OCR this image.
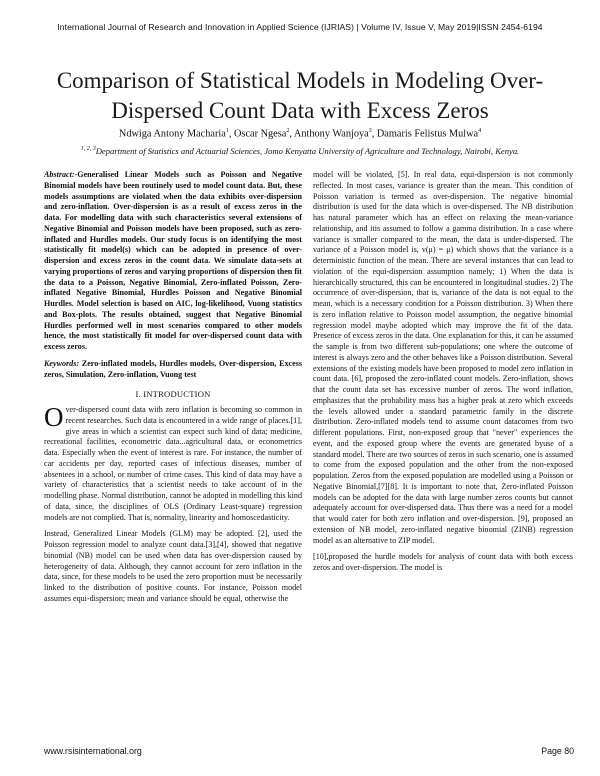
International Journal of Research and Innovation in Applied Science (IJRIAS) | Volume IV, Issue V, May 2019|ISSN 2454-6194
Comparison of Statistical Models in Modeling Over-
Dispersed Count Data with Excess Zeros
Ndwiga Antony Macharia$^1$, Oscar Ngesa$^2$, Anthony Wanjoya$^3$, Damaris Felistus Mulwa$^4$
$^{1, 2, 3}$Department of Statistics and Actuarial Sciences, Jomo Kenyatta University of Agriculture and Technology, Nairobi, Kenya.

Abstract:-Generalised Linear Models such as Poisson and Negative Binomial models have been routinely used to model count data. But, these models assumptions are violated when the data exhibits over-dispersion and zero-inflation. Over-dispersion is as a result of excess zeros in the data. For modelling data with such characteristics several extensions of Negative Binomial and Poisson models have been proposed, such as zero-inflated and Hurdles models. Our study focus is on identifying the most statistically fit model(s) which can be adopted in presence of over-dispersion and excess zeros in the count data. We simulate data-sets at varying proportions of zeros and varying proportions of dispersion then fit the data to a Poisson, Negative Binomial, Zero-inflated Poisson, Zero-inflated Negative Binomial, Hurdles Poisson and Negative Binomial Hurdles. Model selection is based on AIC, log-likelihood, Vuong statistics and Box-plots. The results obtained, suggest that Negative Binomial Hurdles performed well in most scenarios compared to other models hence, the most statistically fit model for over-dispersed count data with excess zeros.

Keywords: Zero-inflated models, Hurdles models, Over-dispersion, Excess zeros, Simulation, Zero-inflation, Vuong test

I. INTRODUCTION

Over-dispersed count data with zero inflation is becoming so common in recent researches. Such data is encountered in a wide range of places.[1], give areas in which a scientist can expect such kind of data; medicine, recreational facilities, econometric data...agricultural data, or econometrics data. Especially when the event of interest is rare. For instance, the number of car accidents per day, reported cases of infectious diseases, number of absentees in a school, or number of crime cases. This kind of data may have a variety of characteristics that a scientist needs to take account of in the modelling phase. Normal distribution, cannot be adopted in modelling this kind of data, since, the disciplines of OLS (Ordinary Least-square) regression models are not complied. That is, normality, linearity and homoscedasticity.

Instead, Generalized Linear Models (GLM) may be adopted. [2], used the Poisson regression model to analyze count data.[3],[4], showed that negative binomial (NB) model can be used when data has over-dispersion caused by heterogeneity of data. Although, they cannot account for zero inflation in the data, since, for these models to be used the zero proportion must be necessarily linked to the distribution of positive counts. For instance, Poisson model assumes equi-dispersion; mean and variance should be equal, otherwise the

model will be violated, [5]. In real data, equi-dispersion is not commonly reflected. In most cases, variance is greater than the mean. This condition of Poisson variation is termed as over-dispersion. The negative binomial distribution is used for the data which is over-dispersed. The NB distribution has natural parameter which has an effect on relaxing the mean-variance relationship, and itis assumed to follow a gamma distribution. In a case where variance is smaller compared to the mean, the data is under-dispersed. The variance of a Poisson model is, v(μ) = μ) which shows that the variance is a deterministic function of the mean. There are several instances that can lead to violation of the equi-dispersion assumption namely; 1) When the data is hierarchically structured, this can be encountered in longitudinal studies. 2) The occurrence of over-dispersion, that is, variance of the data is not equal to the mean, which is a necessary condition for a Poisson distribution. 3) When there is zero inflation relative to Poisson model assumption, the negative binomial regression model maybe adopted which may improve the fit of the data. Presence of excess zeros in the data. One explanation for this, it can be assumed the sample is from two different sub-populations; one where the outcome of interest is always zero and the other behaves like a Poisson distribution. Several extensions of the existing models have been proposed to model zero inflation in count data. [6], proposed the zero-inflated count models. Zero-inflation, shows that the count data set has excessive number of zeros. The word inflation, emphasizes that the probability mass has a higher peak at zero which exceeds the levels allowed under a standard parametric family in the discrete distribution. Zero-inflated models tend to assume count datacomes from two different populations. First, non-exposed group that "never" experiences the event, and the exposed group where the events are generated byuse of a standard model. There are two sources of zeros in such scenario, one is assumed to come from the exposed population and the other from the non-exposed population. Zeros from the exposed population are modelled using a Poisson or Negative Binomial,[7][8]. It is important to note that, Zero-inflated Poisson models can be adopted for the data with large number zeros counts but cannot adequately account for over-dispersed data. Thus there was a need for a model that would cater for both zero inflation and over-dispersion. [9], proposed an extension of NB model, zero-inflated negative binomial (ZINB) regression model as an alternative to ZIP model.

[10],proposed the hurdle models for analysis of count data with both excess zeros and over-dispersion. The model is

www.rsisinternational.org	Page 80
